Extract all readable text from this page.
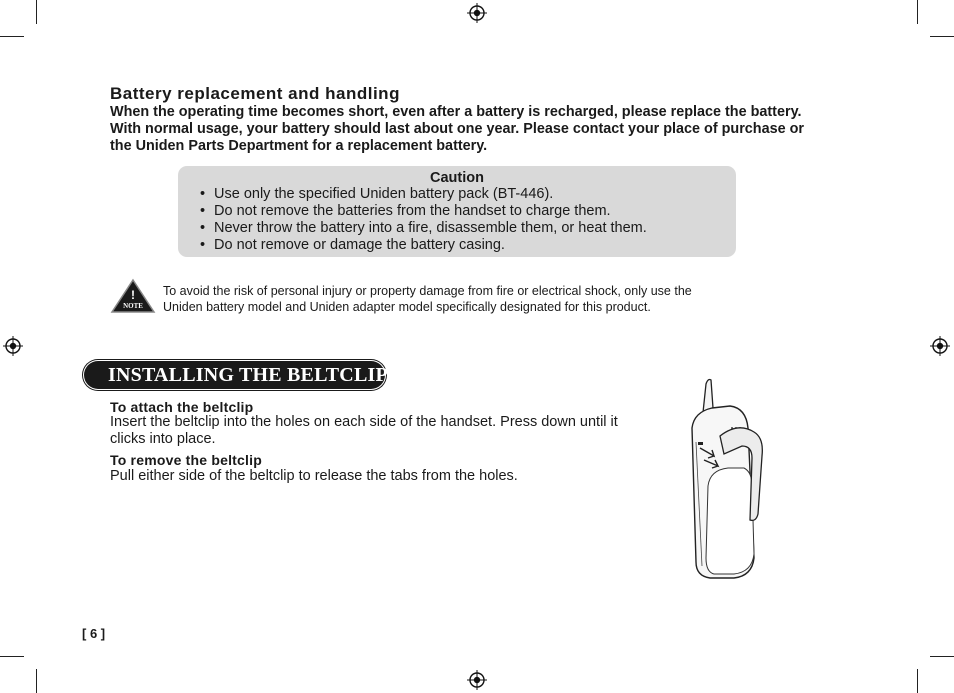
Battery replacement and handling
When the operating time becomes short, even after a battery is recharged, please replace the battery. With normal usage, your battery should last about one year. Please contact your place of purchase or the Uniden Parts Department for a replacement battery.
Caution
• Use only the specified Uniden battery pack (BT-446).
• Do not remove the batteries from the handset to charge them.
• Never throw the battery into a fire, disassemble them, or heat them.
• Do not remove or damage the battery casing.
!
NOTE
To avoid the risk of personal injury or property damage from fire or electrical shock, only use the Uniden battery model and Uniden adapter model specifically designated for this product.
INSTALLING THE BELTCLIP
To attach the beltclip
Insert the beltclip into the holes on each side of the handset. Press down until it clicks into place.
To remove the beltclip
Pull either side of the beltclip to release the tabs from the holes.
[ 6 ]
